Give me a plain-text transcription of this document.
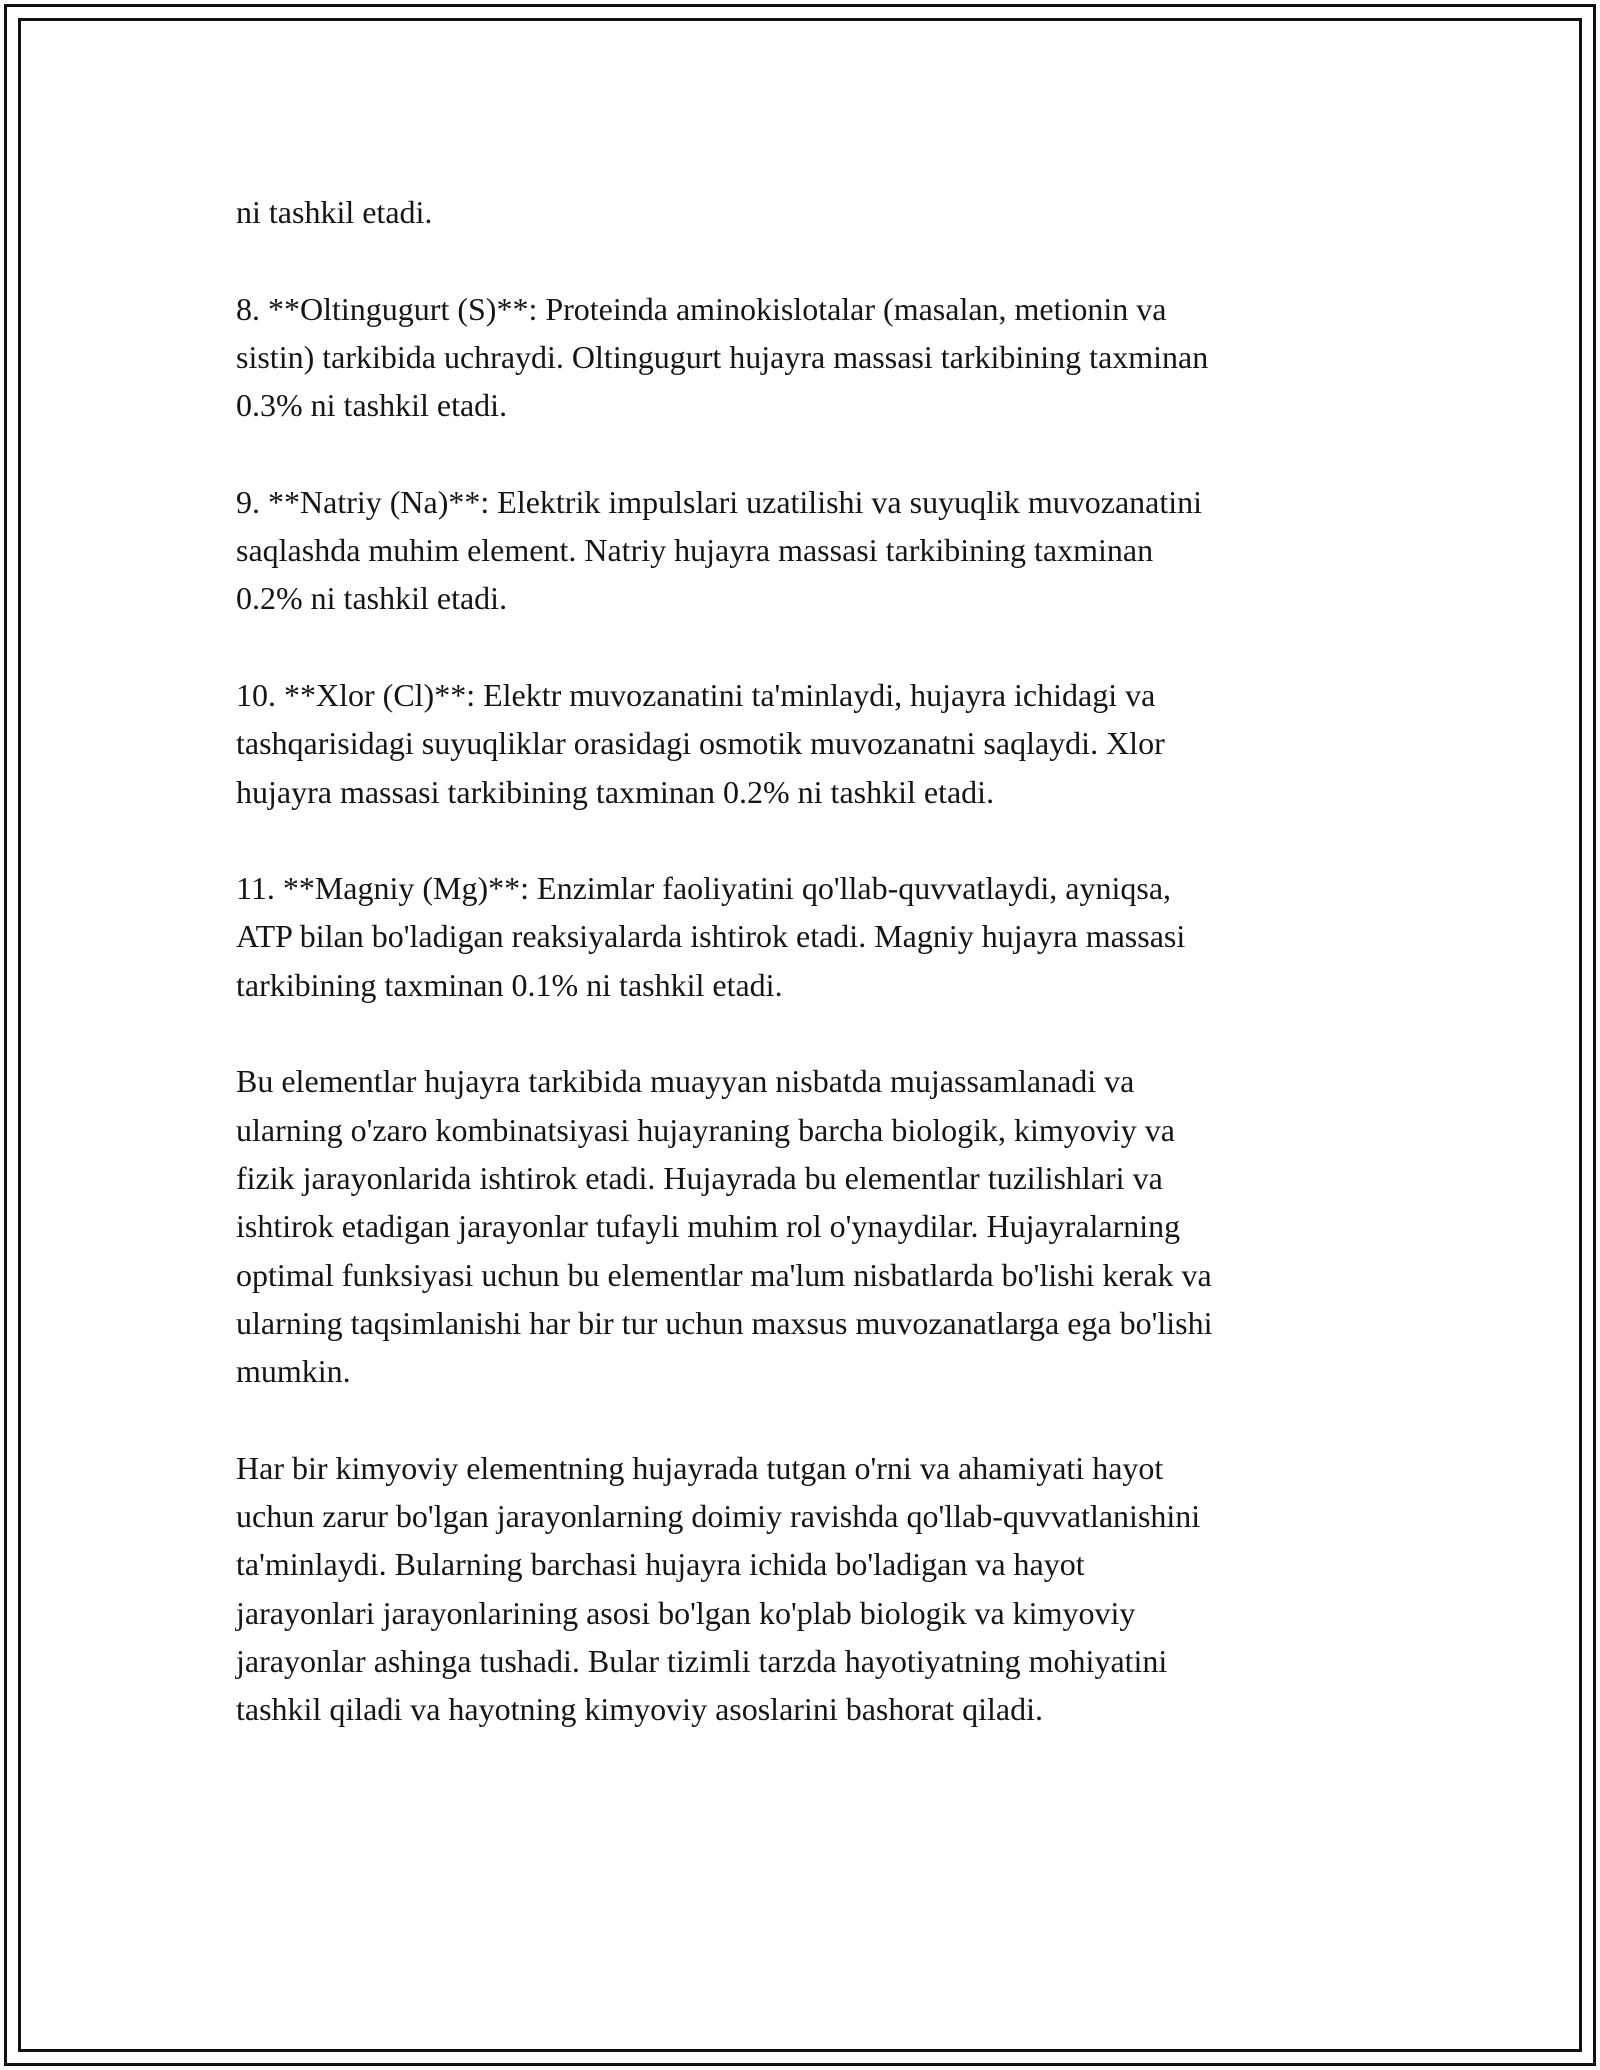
ni tashkil etadi.

8. **Oltingugurt (S)**: Proteinda aminokislotalar (masalan, metionin va
sistin) tarkibida uchraydi. Oltingugurt hujayra massasi tarkibining taxminan
0.3% ni tashkil etadi.

9. **Natriy (Na)**: Elektrik impulslari uzatilishi va suyuqlik muvozanatini
saqlashda muhim element. Natriy hujayra massasi tarkibining taxminan
0.2% ni tashkil etadi.

10. **Xlor (Cl)**: Elektr muvozanatini ta'minlaydi, hujayra ichidagi va
tashqarisidagi suyuqliklar orasidagi osmotik muvozanatni saqlaydi. Xlor
hujayra massasi tarkibining taxminan 0.2% ni tashkil etadi.

11. **Magniy (Mg)**: Enzimlar faoliyatini qo'llab-quvvatlaydi, ayniqsa,
ATP bilan bo'ladigan reaksiyalarda ishtirok etadi. Magniy hujayra massasi
tarkibining taxminan 0.1% ni tashkil etadi.

Bu elementlar hujayra tarkibida muayyan nisbatda mujassamlanadi va
ularning o'zaro kombinatsiyasi hujayraning barcha biologik, kimyoviy va
fizik jarayonlarida ishtirok etadi. Hujayrada bu elementlar tuzilishlari va
ishtirok etadigan jarayonlar tufayli muhim rol o'ynaydilar. Hujayralarning
optimal funksiyasi uchun bu elementlar ma'lum nisbatlarda bo'lishi kerak va
ularning taqsimlanishi har bir tur uchun maxsus muvozanatlarga ega bo'lishi
mumkin.

Har bir kimyoviy elementning hujayrada tutgan o'rni va ahamiyati hayot
uchun zarur bo'lgan jarayonlarning doimiy ravishda qo'llab-quvvatlanishini
ta'minlaydi. Bularning barchasi hujayra ichida bo'ladigan va hayot
jarayonlari jarayonlarining asosi bo'lgan ko'plab biologik va kimyoviy
jarayonlar ashinga tushadi. Bular tizimli tarzda hayotiyatning mohiyatini
tashkil qiladi va hayotning kimyoviy asoslarini bashorat qiladi.
